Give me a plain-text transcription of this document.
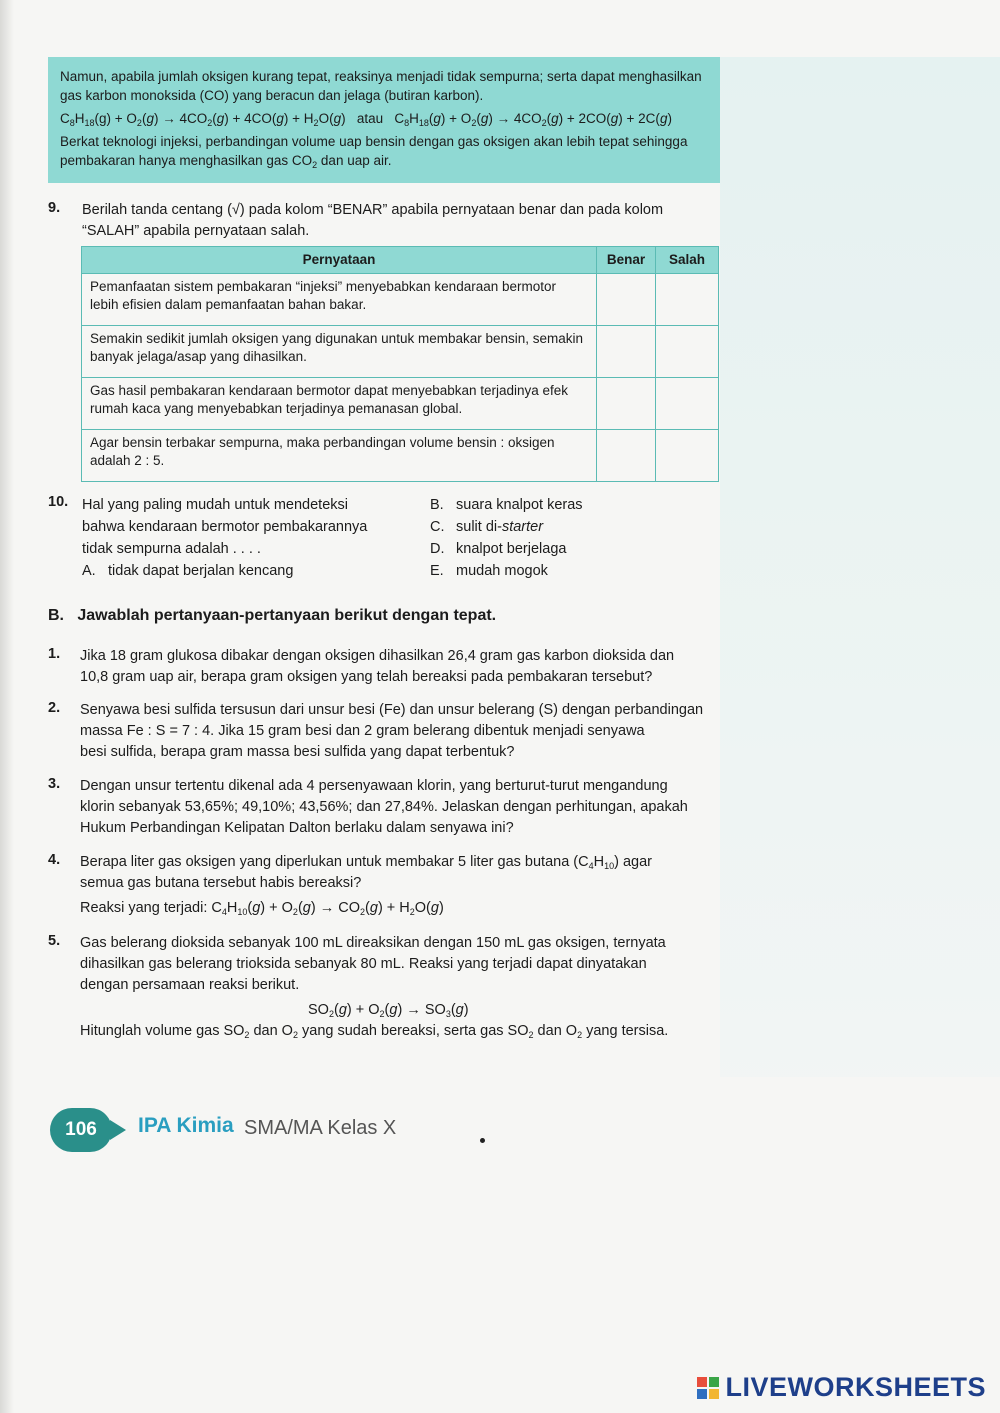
Namun, apabila jumlah oksigen kurang tepat, reaksinya menjadi tidak sempurna; serta dapat menghasilkan

gas karbon monoksida (CO) yang beracun dan jelaga (butiran karbon).

$C_8H_{18}(g) + O_2(g) \to 4CO_2(g) + 4CO(g) + H_2O(g)$   atau   $C_8H_{18}(g) + O_2(g) \to 4CO_2(g) + 2CO(g) + 2C(g)$

Berkat teknologi injeksi, perbandingan volume uap bensin dengan gas oksigen akan lebih tepat sehingga

pembakaran hanya menghasilkan gas $CO_2$ dan uap air.

9. Berilah tanda centang (√) pada kolom “BENAR” apabila pernyataan benar dan pada kolom
“SALAH” apabila pernyataan salah.
Pernyataan	Benar	Salah
Pemanfaatan sistem pembakaran “injeksi” menyebabkan kendaraan bermotor lebih efisien dalam pemanfaatan bahan bakar.		
Semakin sedikit jumlah oksigen yang digunakan untuk membakar bensin, semakin banyak jelaga/asap yang dihasilkan.		
Gas hasil pembakaran kendaraan bermotor dapat menyebabkan terjadinya efek rumah kaca yang menyebabkan terjadinya pemanasan global.		
Agar bensin terbakar sempurna, maka perbandingan volume bensin : oksigen adalah 2 : 5.		
10. Hal yang paling mudah untuk mendeteksi
bahwa kendaraan bermotor pembakarannya
tidak sempurna adalah . . . .
A. tidak dapat berjalan kencang
B. suara knalpot keras
C. sulit di-starter
D. knalpot berjelaga
E. mudah mogok
B.   Jawablah pertanyaan-pertanyaan berikut dengan tepat.
1. Jika 18 gram glukosa dibakar dengan oksigen dihasilkan 26,4 gram gas karbon dioksida dan
10,8 gram uap air, berapa gram oksigen yang telah bereaksi pada pembakaran tersebut?
2. Senyawa besi sulfida tersusun dari unsur besi (Fe) dan unsur belerang (S) dengan perbandingan
massa Fe : S = 7 : 4. Jika 15 gram besi dan 2 gram belerang dibentuk menjadi senyawa
besi sulfida, berapa gram massa besi sulfida yang dapat terbentuk?
3. Dengan unsur tertentu dikenal ada 4 persenyawaan klorin, yang berturut-turut mengandung
klorin sebanyak 53,65%; 49,10%; 43,56%; dan 27,84%. Jelaskan dengan perhitungan, apakah
Hukum Perbandingan Kelipatan Dalton berlaku dalam senyawa ini?
4. Berapa liter gas oksigen yang diperlukan untuk membakar 5 liter gas butana $(C_4H_{10})$ agar
semua gas butana tersebut habis bereaksi?
Reaksi yang terjadi: $C_4H_{10}(g) + O_2(g) \to CO_2(g) + H_2O(g)$
5. Gas belerang dioksida sebanyak 100 mL direaksikan dengan 150 mL gas oksigen, ternyata
dihasilkan gas belerang trioksida sebanyak 80 mL. Reaksi yang terjadi dapat dinyatakan
dengan persamaan reaksi berikut.
$SO_2(g) + O_2(g) \to SO_3(g)$
Hitunglah volume gas $SO_2$ dan $O_2$ yang sudah bereaksi, serta gas $SO_2$ dan $O_2$ yang tersisa.
106 IPA Kimia SMA/MA Kelas X
LIVEWORKSHEETS
